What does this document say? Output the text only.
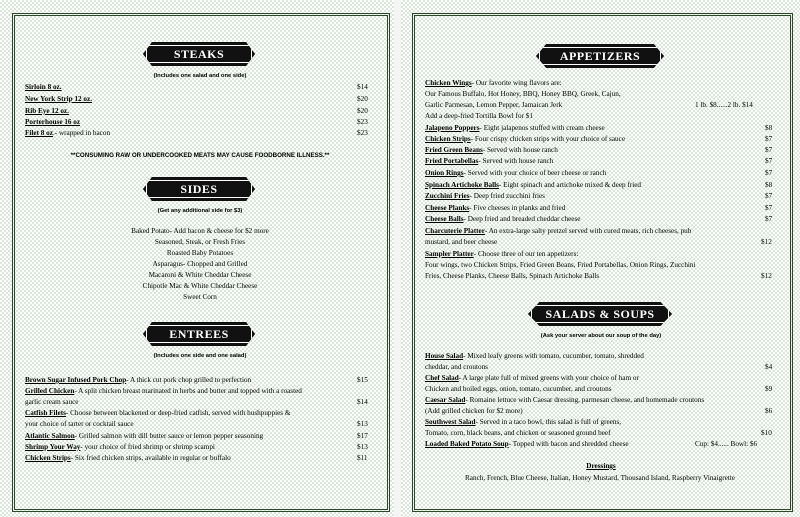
STEAKS
(Includes one salad and one side)
Sirloin 8 oz.	$14
New York Strip 12 oz.	$20
Rib Eye 12 oz.	$20
Porterhouse 16 oz	$23
Filet 8 oz.- wrapped in bacon	$23
**CONSUMING RAW OR UNDERCOOKED MEATS MAY CAUSE FOODBORNE ILLNESS.**
SIDES
(Get any additional side for $3)
Baked Potato- Add bacon & cheese for $2 more
Seasoned, Steak, or Fresh Fries
Roasted Baby Potatoes
Asparagus- Chopped and Grilled
Macaroni & White Cheddar Cheese
Chipotle Mac & White Cheddar Cheese
Sweet Corn
ENTREES
(Includes one side and one salad)
Brown Sugar Infused Pork Chop- A thick cut pork chop grilled to perfection	$15
Grilled Chicken- A split chicken breast marinated in herbs and butter and topped with a roasted
garlic cream sauce	$14
Catfish Filets- Choose between blackened or deep-fried catfish, served with hushpuppies &
your choice of tarter or cocktail sauce	$13
Atlantic Salmon- Grilled salmon with dill butter sauce or lemon pepper seasoning	$17
Shrimp Your Way- your choice of fried shrimp or shrimp scampi	$13
Chicken Strips- Six fried chicken strips, available in regular or buffalo	$11
APPETIZERS
Chicken Wings- Our favorite wing flavors are:
Our Famous Buffalo, Hot Honey, BBQ, Honey BBQ, Greek, Cajun,
Garlic Parmesan, Lemon Pepper, Jamaican Jerk	1 lb. $8......2 lb. $14
Add a deep-fried Tortilla Bowl for $1
Jalapeno Poppers- Eight jalapenos stuffed with cream cheese	$8
Chicken Strips- Four crispy chicken strips with your choice of sauce	$7
Fried Green Beans- Served with house ranch	$7
Fried Portabellas- Served with house ranch	$7
Onion Rings- Served with your choice of beer cheese or ranch	$7
Spinach Artichoke Balls- Eight spinach and artichoke mixed & deep fried	$8
Zucchini Fries- Deep fried zucchini fries	$7
Cheese Planks- Five cheeses in planks and fried	$7
Cheese Balls- Deep fried and breaded cheddar cheese	$7
Charcuterie Platter- An extra-large salty pretzel served with cured meats, rich cheeses, pub
mustard, and beer cheese	$12
Sampler Platter- Choose three of our ten appetizers:
Four wings, two Chicken Strips, Fried Green Beans, Fried Portabellas, Onion Rings, Zucchini
Fries, Cheese Planks, Cheese Balls, Spinach Artichoke Balls	$12
SALADS & SOUPS
(Ask your server about our soup of the day)
House Salad- Mixed leafy greens with tomato, cucumber, tomato, shredded
cheddar, and croutons	$4
Chef Salad- A large plate full of mixed greens with your choice of ham or
Chicken and boiled eggs, onion, tomato, cucumber, and croutons	$9
Caesar Salad- Romaine lettuce with Caesar dressing, parmesan cheese, and homemade croutons
(Add grilled chicken for $2 more)	$6
Southwest Salad- Served in a taco bowl, this salad is full of greens,
Tomato, corn, black beans, and chicken or seasoned ground beef	$10
Loaded Baked Potato Soup- Topped with bacon and shredded cheese	Cup: $4...... Bowl: $6
Dressings
Ranch, French, Blue Cheese, Italian, Honey Mustard, Thousand Island, Raspberry Vinaigrette
